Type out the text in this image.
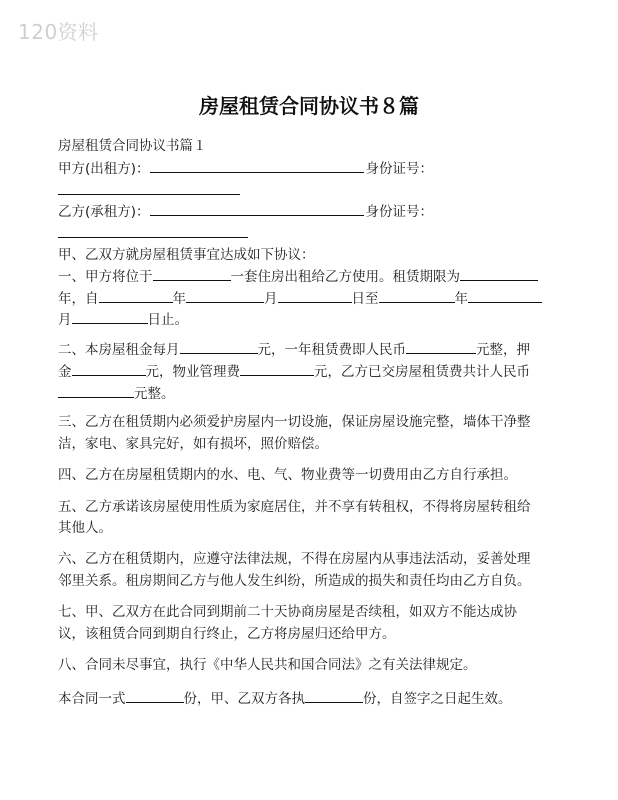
120资料
房屋租赁合同协议书８篇
房屋租赁合同协议书篇１
甲方(出租方)：	身份证号：
乙方(承租方)：	身份证号：
甲、乙双方就房屋租赁事宜达成如下协议：
一、甲方将位于	一套住房出租给乙方使用。租赁期限为
年，自	年	月	日至	年
月	日止。
二、本房屋租金每月	元，一年租赁费即人民币	元整，押
金	元，物业管理费	元，乙方已交房屋租赁费共计人民币
元整。
三、乙方在租赁期内必须爱护房屋内一切设施，保证房屋设施完整，墙体干净整
洁，家电、家具完好，如有损坏，照价赔偿。
四、乙方在房屋租赁期内的水、电、气、物业费等一切费用由乙方自行承担。
五、乙方承诺该房屋使用性质为家庭居住，并不享有转租权，不得将房屋转租给
其他人。
六、乙方在租赁期内，应遵守法律法规，不得在房屋内从事违法活动，妥善处理
邻里关系。租房期间乙方与他人发生纠纷，所造成的损失和责任均由乙方自负。
七、甲、乙双方在此合同到期前二十天协商房屋是否续租，如双方不能达成协
议，该租赁合同到期自行终止，乙方将房屋归还给甲方。
八、合同未尽事宜，执行《中华人民共和国合同法》之有关法律规定。
本合同一式	份，甲、乙双方各执	份，自签字之日起生效。
